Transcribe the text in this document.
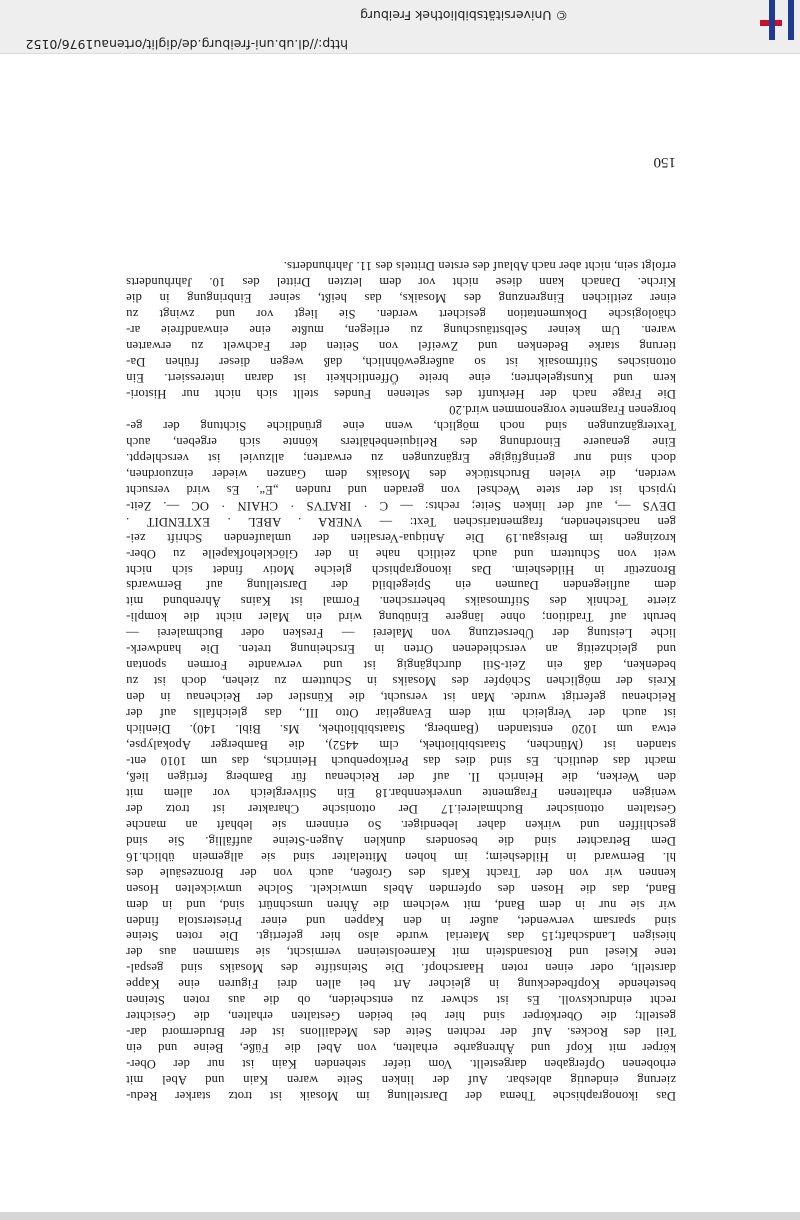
Das ikonographische Thema der Darstellung im Mosaik ist trotz starker Redu-
zierung eindeutig ablesbar. Auf der linken Seite waren Kain und Abel mit
erhobenen Opfergaben dargestellt. Vom tiefer stehenden Kain ist nur der Ober-
körper mit Kopf und Ährengarbe erhalten, von Abel die Füße, Beine und ein
Teil des Rockes. Auf der rechten Seite des Medaillons ist der Brudermord dar-
gestellt; die Oberkörper sind hier bei beiden Gestalten erhalten, die Gesichter
recht eindrucksvoll. Es ist schwer zu entscheiden, ob die aus roten Steinen
bestehende Kopfbedeckung in gleicher Art bei allen drei Figuren eine Kappe
darstellt, oder einen roten Haarschopf. Die Steinstifte des Mosaiks sind gespal-
tene Kiesel und Rotsandstein mit Karneolsteinen vermischt, sie stammen aus der
hiesigen Landschaft;15 das Material wurde also hier gefertigt. Die roten Steine
sind sparsam verwendet, außer in den Kappen und einer Priesterstola finden
wir sie nur in dem Band, mit welchem die Ähren umschnürt sind, und in dem
Band, das die Hosen des opfernden Abels umwickelt. Solche umwickelten Hosen
kennen wir von der Tracht Karls des Großen, auch von der Bronzesäule des
hl. Bernward in Hildesheim; im hohen Mittelalter sind sie allgemein üblich.16
Dem Betrachter sind die besonders dunklen Augen-Steine auffällig. Sie sind
geschliffen und wirken daher lebendiger. So erinnern sie lebhaft an manche
Gestalten ottonischer Buchmalerei.17 Der ottonische Charakter ist trotz der
wenigen erhaltenen Fragmente unverkennbar.18 Ein Stilvergleich vor allem mit
den Werken, die Heinrich II. auf der Reichenau für Bamberg fertigen ließ,
macht das deutlich. Es sind dies das Perikopenbuch Heinrichs, das um 1010 ent-
standen ist (München, Staatsbibliothek, clm 4452), die Bamberger Apokalypse,
etwa um 1020 entstanden (Bamberg, Staatsbibliothek, Ms. Bibl. 140). Dienlich
ist auch der Vergleich mit dem Evangeliar Otto III., das gleichfalls auf der
Reichenau gefertigt wurde. Man ist versucht, die Künstler der Reichenau in den
Kreis der möglichen Schöpfer des Mosaiks in Schuttern zu ziehen, doch ist zu
bedenken, daß ein Zeit-Stil durchgängig ist und verwandte Formen spontan
und gleichzeitig an verschiedenen Orten in Erscheinung treten. Die handwerk-
liche Leistung der Übersetzung von Malerei — Fresken oder Buchmalerei —
beruht auf Tradition; ohne längere Einübung wird ein Maler nicht die kompli-
zierte Technik des Stiftmosaiks beherrschen. Formal ist Kains Ährenbund mit
dem aufliegenden Daumen ein Spiegelbild der Darstellung auf Bernwards
Bronzetür in Hildesheim. Das ikonographisch gleiche Motiv findet sich nicht
weit von Schuttern und auch zeitlich nahe in der Glöcklehofkapelle zu Ober-
krozingen im Breisgau.19 Die Antiqua-Versalien der umlaufenden Schrift zei-
gen nachstehenden, fragmentarischen Text: — VNERA . ABEL . EXTENDIT .
DEVS —, auf der linken Seite; rechts: — C · IRATVS · CHAIN · OC —. Zeit-
typisch ist der stete Wechsel von geraden und runden „E“. Es wird versucht
werden, die vielen Bruchstücke des Mosaiks dem Ganzen wieder einzuordnen,
doch sind nur geringfügige Ergänzungen zu erwarten; allzuviel ist verschleppt.
Eine genauere Einordnung des Reliquienbehälters könnte sich ergeben, auch
Textergänzungen sind noch möglich, wenn eine gründliche Sichtung der ge-
borgenen Fragmente vorgenommen wird.20

Die Frage nach der Herkunft des seltenen Fundes stellt sich nicht nur Histori-
kern und Kunstgelehrten; eine breite Öffentlichkeit ist daran interessiert. Ein
ottonisches Stiftmosaik ist so außergewöhnlich, daß wegen dieser frühen Da-
tierung starke Bedenken und Zweifel von Seiten der Fachwelt zu erwarten
waren. Um keiner Selbsttäuschung zu erliegen, mußte eine einwandfreie ar-
chäologische Dokumentation gesichert werden. Sie liegt vor und zwingt zu
einer zeitlichen Eingrenzung des Mosaiks, das heißt, seiner Einbringung in die
Kirche. Danach kann diese nicht vor dem letzten Drittel des 10. Jahrhunderts
erfolgt sein, nicht aber nach Ablauf des ersten Drittels des 11. Jahrhunderts.

150
http://dl.ub.uni-freiburg.de/diglit/ortenau1976/0152
© Universitätsbibliothek Freiburg
